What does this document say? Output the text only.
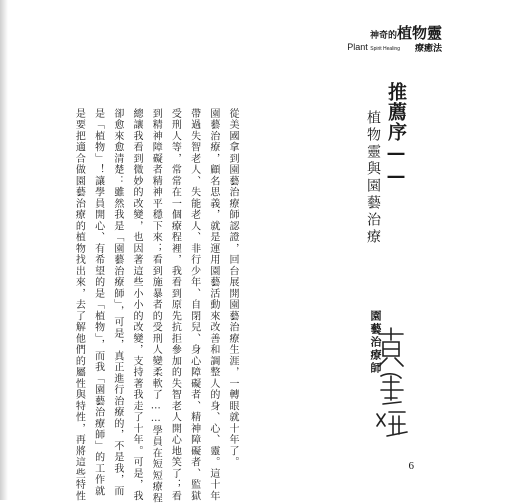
神奇的植物靈
Plant Spirit Healing 療癒法
推薦序——
植物靈與園藝治療
從美國拿到園藝治療師認證，回台展開園藝治療生涯，一轉眼就十年了。
園藝治療，顧名思義，就是運用園藝活動來改善和調整人的身、心、靈。這十年
帶過失智老人、失能老人、非行少年、自閉兒、身心障礙者、精神障礙者、監獄
受刑人等，常常在一個療程裡，我看到原先抗拒參加的失智老人開心地笑了；看
到精神障礙者精神平穩下來；看到施暴者的受刑人變柔軟了……學員在短短療程
總讓我看到微妙的改變，也因著這些小小的改變，支持著我走了十年。可是，我
卻愈來愈清楚：雖然我是「園藝治療師」，可是，真正進行治療的，不是我，而
是「植物」！讓學員開心、有希望的是「植物」，而我「園藝治療師」的工作就
是要把適合做園藝治療的植物找出來，去了解他們的屬性與特性，再將這些特性	園藝治療師
6
